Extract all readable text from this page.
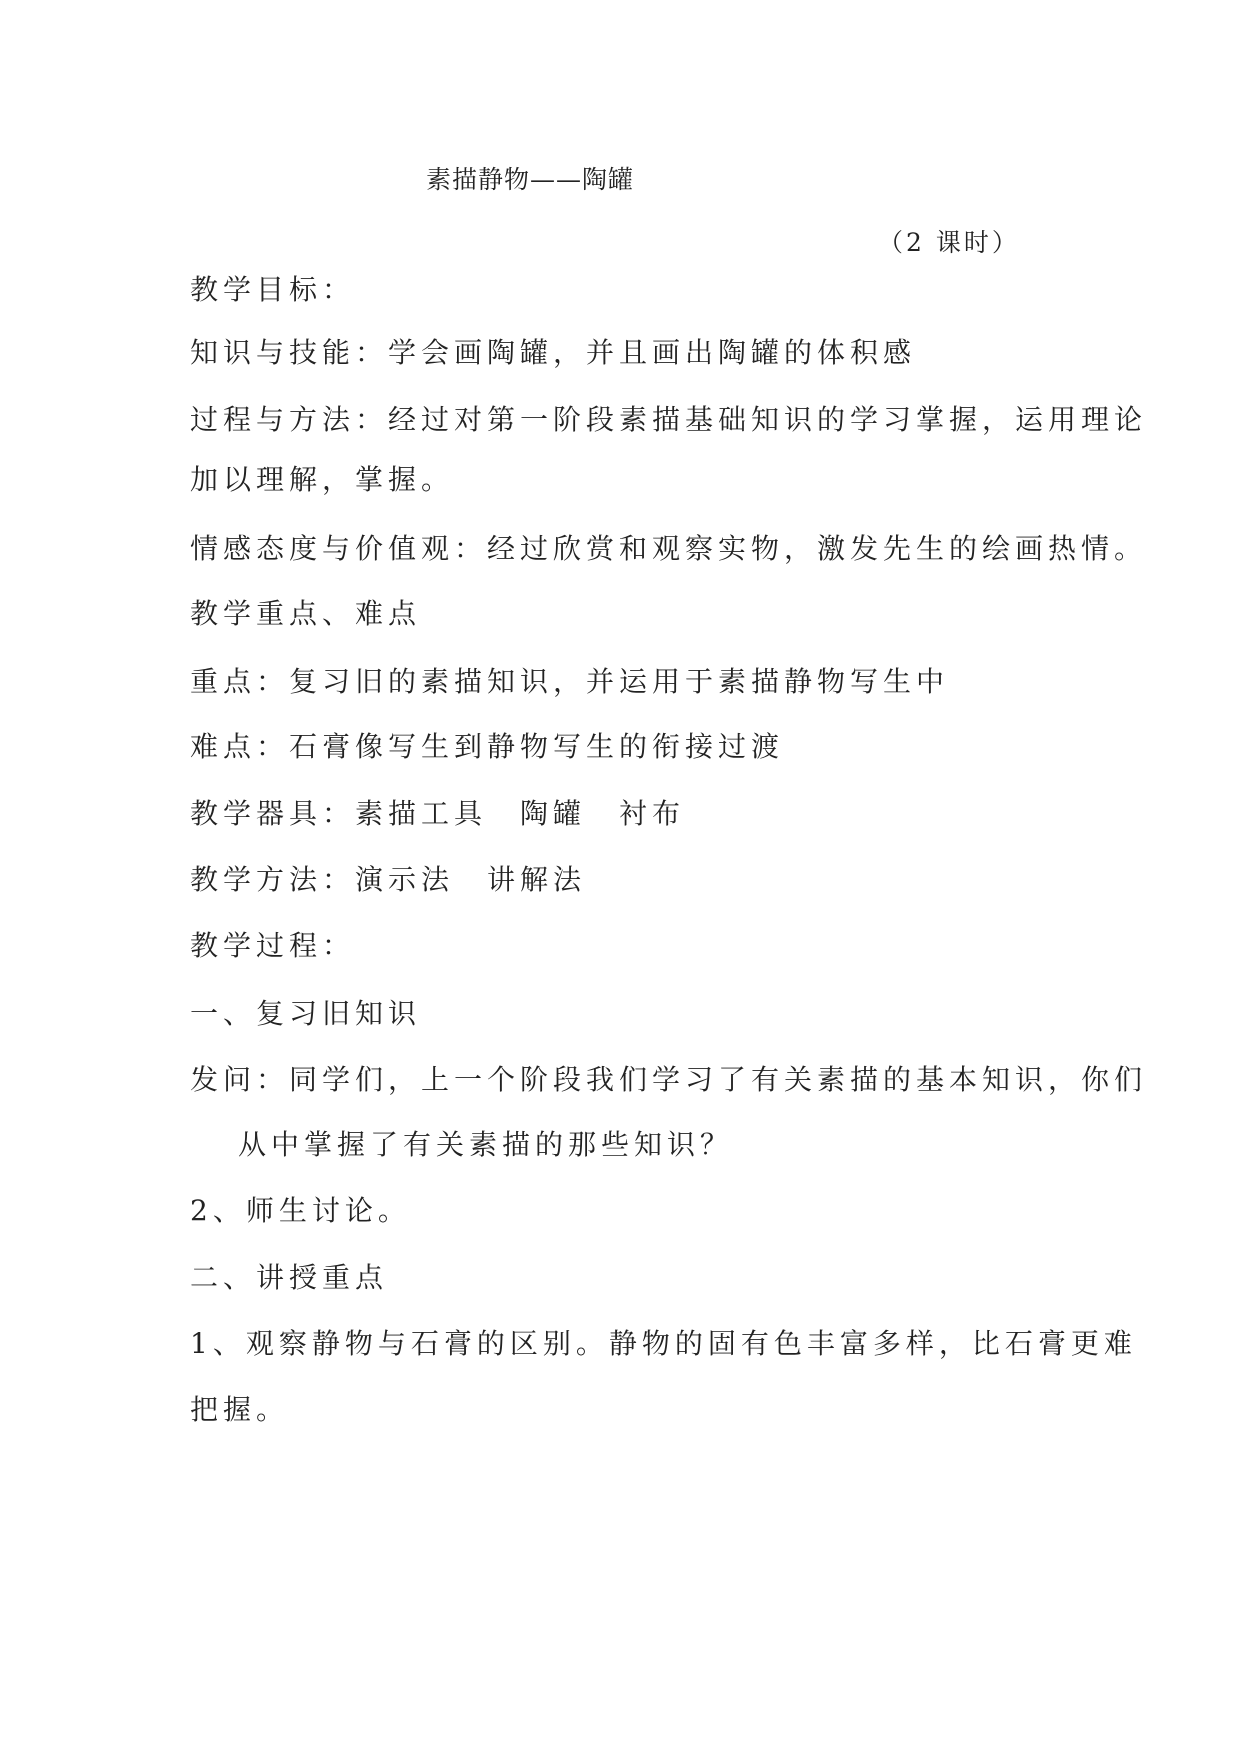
素描静物——陶罐
（2 课时）
教学目标：
知识与技能：学会画陶罐，并且画出陶罐的体积感
过程与方法：经过对第一阶段素描基础知识的学习掌握，运用理论
加以理解，掌握。
情感态度与价值观：经过欣赏和观察实物，激发先生的绘画热情。
教学重点、难点
重点：复习旧的素描知识，并运用于素描静物写生中
难点：石膏像写生到静物写生的衔接过渡
教学器具：素描工具　陶罐　衬布
教学方法：演示法　讲解法
教学过程：
一、复习旧知识
发问：同学们，上一个阶段我们学习了有关素描的基本知识，你们
从中掌握了有关素描的那些知识？
2、师生讨论。
二、讲授重点
1、观察静物与石膏的区别。静物的固有色丰富多样，比石膏更难
把握。
